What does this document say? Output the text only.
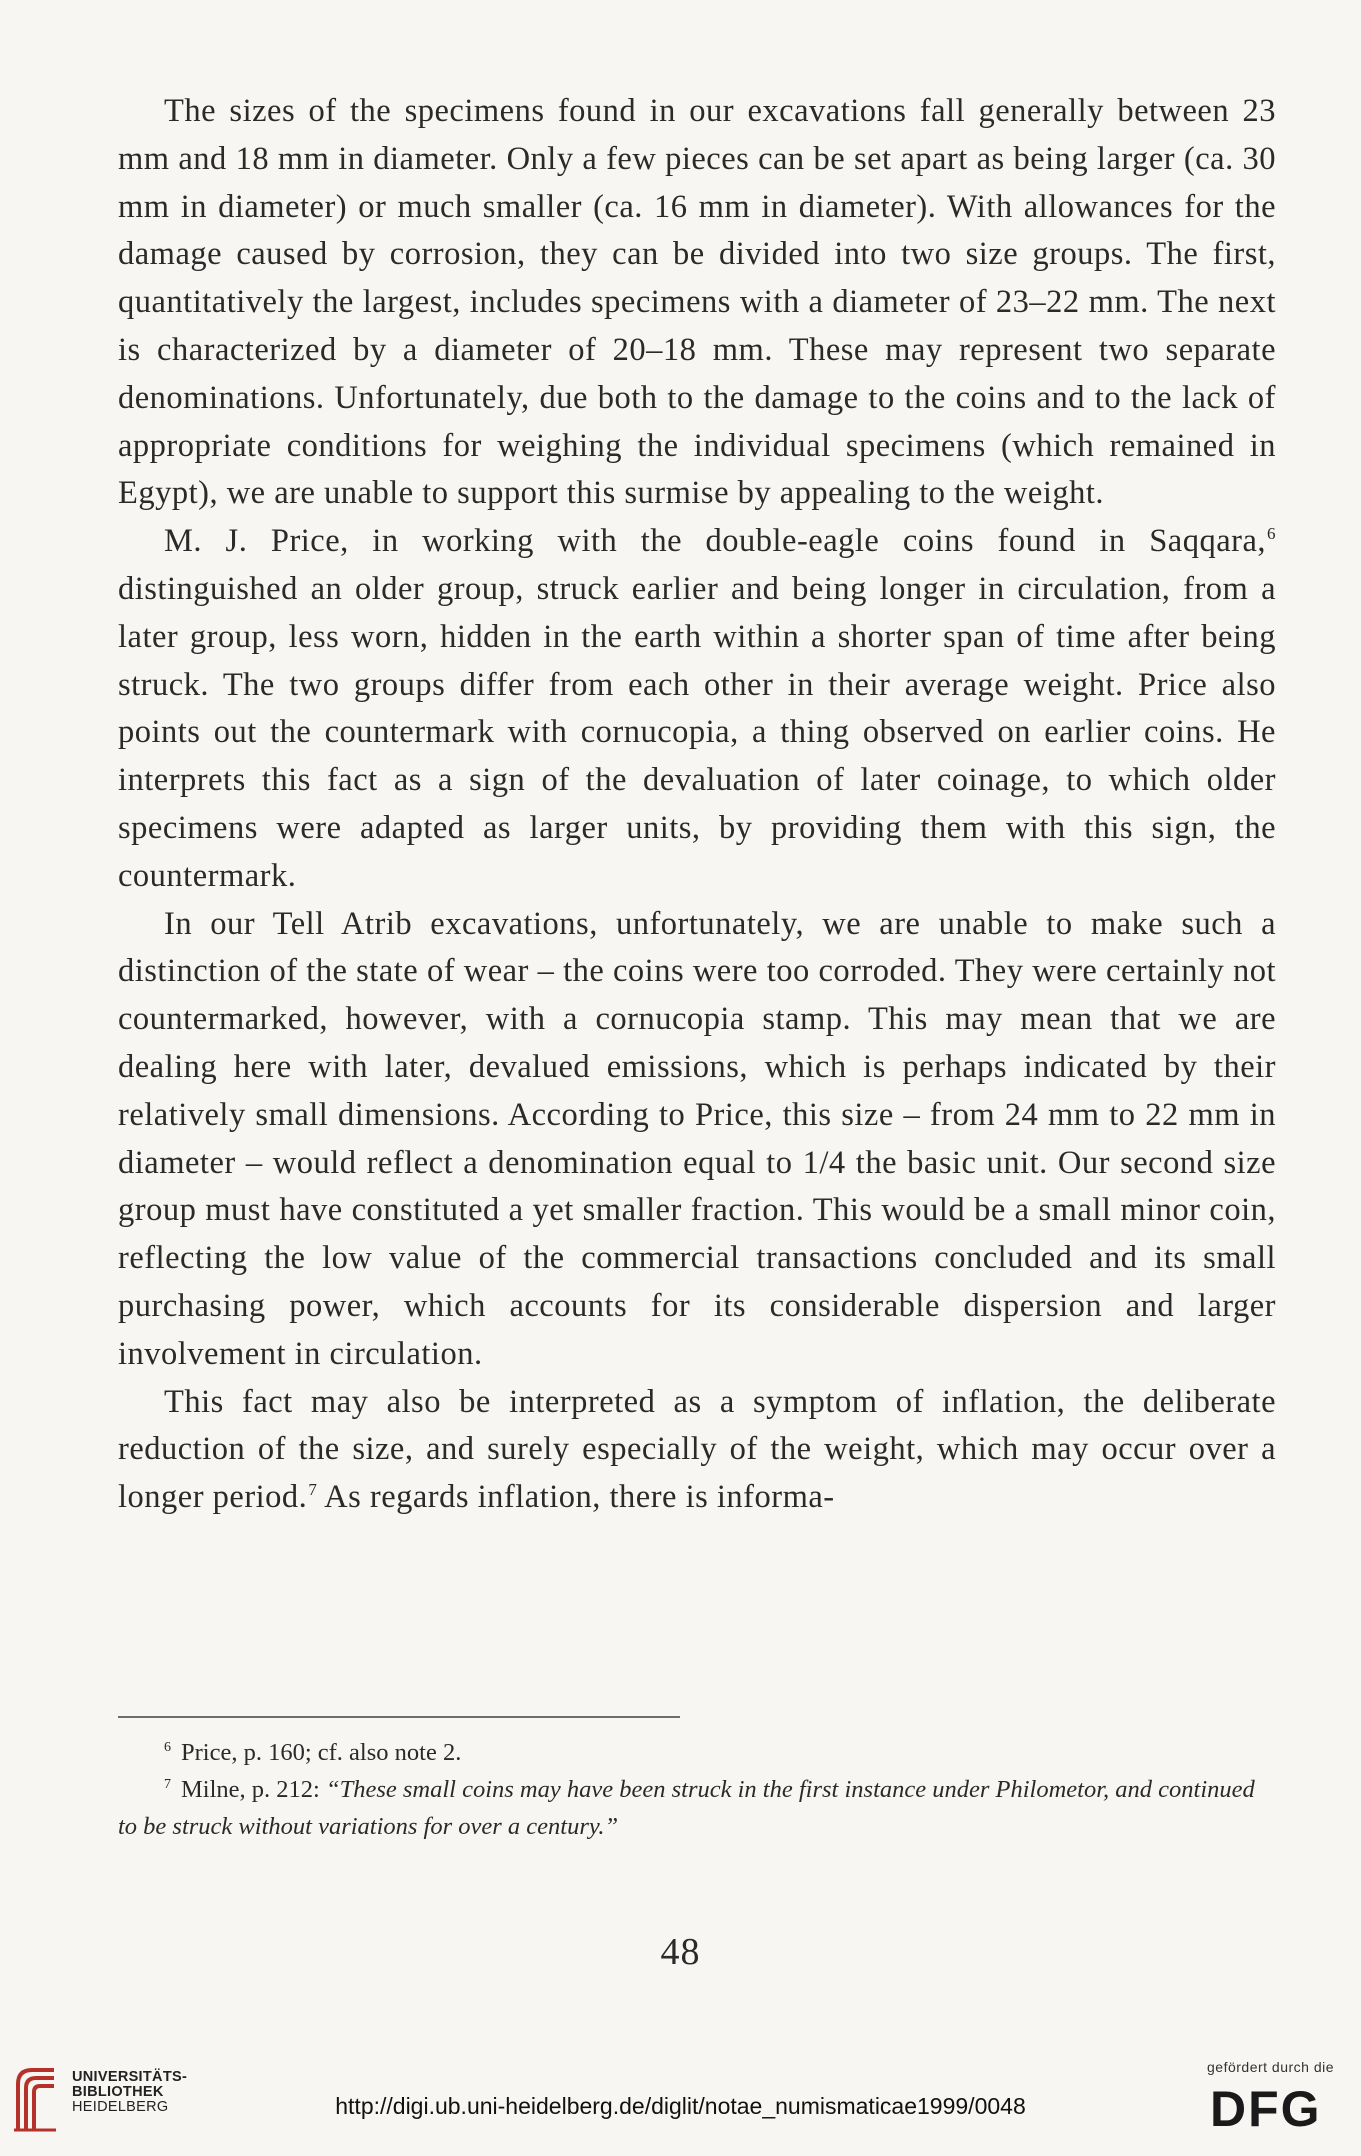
The sizes of the specimens found in our excavations fall generally between 23 mm and 18 mm in diameter. Only a few pieces can be set apart as being larger (ca. 30 mm in diameter) or much smaller (ca. 16 mm in diameter). With allowances for the damage caused by corrosion, they can be divided into two size groups. The first, quantitatively the largest, includes specimens with a diameter of 23–22 mm. The next is characterized by a diameter of 20–18 mm. These may represent two separate denominations. Unfortunately, due both to the damage to the coins and to the lack of appropriate conditions for weighing the individual specimens (which remained in Egypt), we are unable to support this surmise by appealing to the weight.

M. J. Price, in working with the double-eagle coins found in Saqqara,$^6$ distinguished an older group, struck earlier and being longer in circulation, from a later group, less worn, hidden in the earth within a shorter span of time after being struck. The two groups differ from each other in their average weight. Price also points out the countermark with cornucopia, a thing observed on earlier coins. He interprets this fact as a sign of the devaluation of later coinage, to which older specimens were adapted as larger units, by providing them with this sign, the countermark.

In our Tell Atrib excavations, unfortunately, we are unable to make such a distinction of the state of wear – the coins were too corroded. They were certainly not countermarked, however, with a cornucopia stamp. This may mean that we are dealing here with later, devalued emissions, which is perhaps indicated by their relatively small dimensions. According to Price, this size – from 24 mm to 22 mm in diameter – would reflect a denomination equal to 1/4 the basic unit. Our second size group must have constituted a yet smaller fraction. This would be a small minor coin, reflecting the low value of the commercial transactions concluded and its small purchasing power, which accounts for its considerable dispersion and larger involvement in circulation.

This fact may also be interpreted as a symptom of inflation, the deliberate reduction of the size, and surely especially of the weight, which may occur over a longer period.$^7$ As regards inflation, there is informa-

$^6$ Price, p. 160; cf. also note 2.

$^7$ Milne, p. 212: “These small coins may have been struck in the first instance under Philometor, and continued to be struck without variations for over a century.”

48
UNIVERSITÄTS-
BIBLIOTHEK
HEIDELBERG	http://digi.ub.uni-heidelberg.de/diglit/notae_numismaticae1999/0048
gefördert durch die
DFG
